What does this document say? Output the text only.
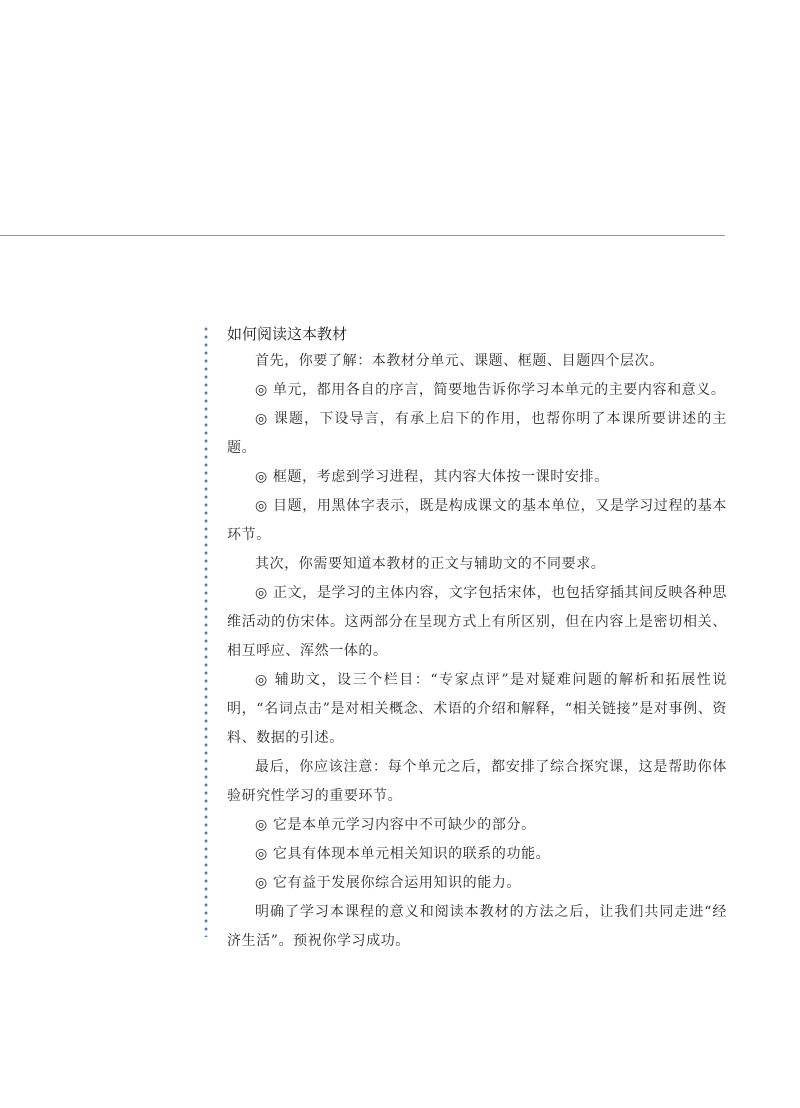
如何阅读这本教材

首先，你要了解：本教材分单元、课题、框题、目题四个层次。

◎ 单元，都用各自的序言，简要地告诉你学习本单元的主要内容和意义。

◎ 课题，下设导言，有承上启下的作用，也帮你明了本课所要讲述的主题。

◎ 框题，考虑到学习进程，其内容大体按一课时安排。

◎ 目题，用黑体字表示，既是构成课文的基本单位，又是学习过程的基本环节。

其次，你需要知道本教材的正文与辅助文的不同要求。

◎ 正文，是学习的主体内容，文字包括宋体，也包括穿插其间反映各种思维活动的仿宋体。这两部分在呈现方式上有所区别，但在内容上是密切相关、相互呼应、浑然一体的。

◎ 辅助文，设三个栏目：“专家点评”是对疑难问题的解析和拓展性说明，“名词点击”是对相关概念、术语的介绍和解释，“相关链接”是对事例、资料、数据的引述。

最后，你应该注意：每个单元之后，都安排了综合探究课，这是帮助你体验研究性学习的重要环节。

◎ 它是本单元学习内容中不可缺少的部分。

◎ 它具有体现本单元相关知识的联系的功能。

◎ 它有益于发展你综合运用知识的能力。

明确了学习本课程的意义和阅读本教材的方法之后，让我们共同走进“经济生活”。预祝你学习成功。
